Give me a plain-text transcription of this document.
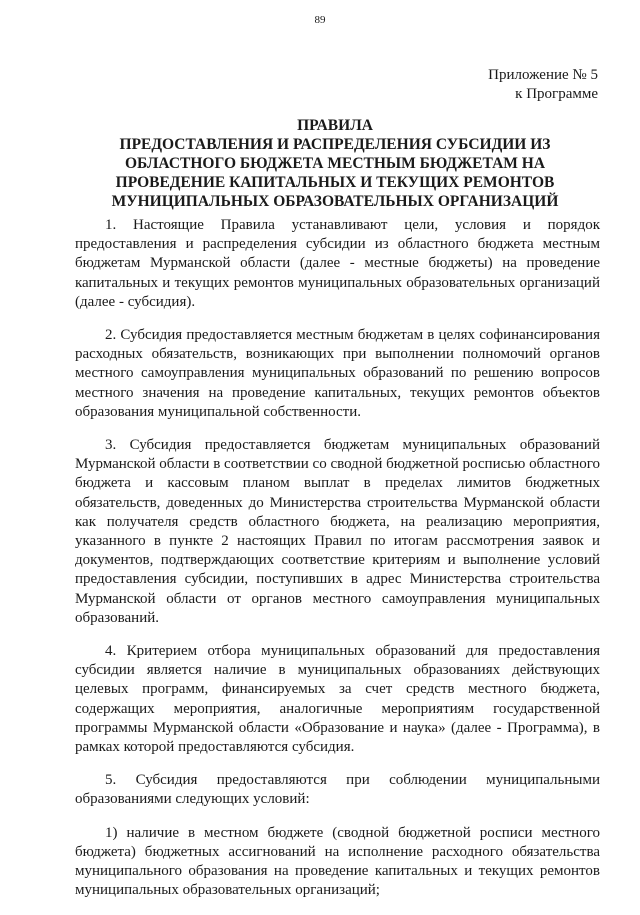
89
Приложение № 5
к Программе
ПРАВИЛА
ПРЕДОСТАВЛЕНИЯ И РАСПРЕДЕЛЕНИЯ СУБСИДИИ ИЗ
ОБЛАСТНОГО БЮДЖЕТА МЕСТНЫМ БЮДЖЕТАМ НА
ПРОВЕДЕНИЕ КАПИТАЛЬНЫХ И ТЕКУЩИХ РЕМОНТОВ
МУНИЦИПАЛЬНЫХ ОБРАЗОВАТЕЛЬНЫХ ОРГАНИЗАЦИЙ

1. Настоящие Правила устанавливают цели, условия и порядок предоставления и распределения субсидии из областного бюджета местным бюджетам Мурманской области (далее - местные бюджеты) на проведение капитальных и текущих ремонтов муниципальных образовательных организаций (далее - субсидия).

2. Субсидия предоставляется местным бюджетам в целях софинансирования расходных обязательств, возникающих при выполнении полномочий органов местного самоуправления муниципальных образований по решению вопросов местного значения на проведение капитальных, текущих ремонтов объектов образования муниципальной собственности.

3. Субсидия предоставляется бюджетам муниципальных образований Мурманской области в соответствии со сводной бюджетной росписью областного бюджета и кассовым планом выплат в пределах лимитов бюджетных обязательств, доведенных до Министерства строительства Мурманской области как получателя средств областного бюджета, на реализацию мероприятия, указанного в пункте 2 настоящих Правил по итогам рассмотрения заявок и документов, подтверждающих соответствие критериям и выполнение условий предоставления субсидии, поступивших в адрес Министерства строительства Мурманской области от органов местного самоуправления муниципальных образований.

4. Критерием отбора муниципальных образований для предоставления субсидии является наличие в муниципальных образованиях действующих целевых программ, финансируемых за счет средств местного бюджета, содержащих мероприятия, аналогичные мероприятиям государственной программы Мурманской области «Образование и наука» (далее - Программа), в рамках которой предоставляются субсидия.

5. Субсидия предоставляются при соблюдении муниципальными образованиями следующих условий:

1) наличие в местном бюджете (сводной бюджетной росписи местного бюджета) бюджетных ассигнований на исполнение расходного обязательства муниципального образования на проведение капитальных и текущих ремонтов муниципальных образовательных организаций;
